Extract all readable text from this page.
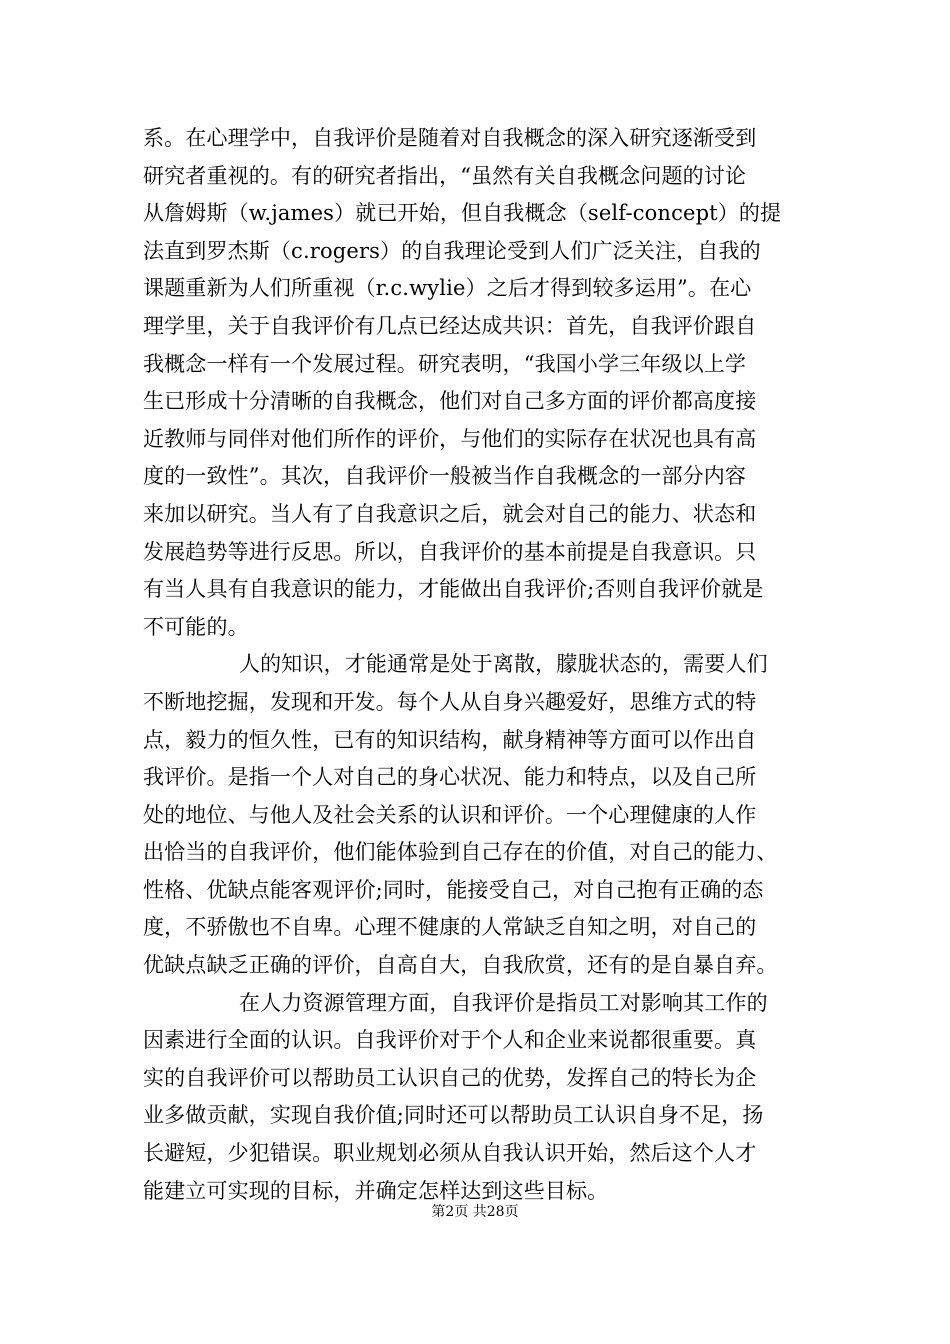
系。在心理学中，自我评价是随着对自我概念的深入研究逐渐受到
研究者重视的。有的研究者指出，“虽然有关自我概念问题的讨论
从詹姆斯（w.james）就已开始，但自我概念（self-concept）的提
法直到罗杰斯（c.rogers）的自我理论受到人们广泛关注，自我的
课题重新为人们所重视（r.c.wylie）之后才得到较多运用”。在心
理学里，关于自我评价有几点已经达成共识：首先，自我评价跟自
我概念一样有一个发展过程。研究表明，“我国小学三年级以上学
生已形成十分清晰的自我概念，他们对自己多方面的评价都高度接
近教师与同伴对他们所作的评价，与他们的实际存在状况也具有高
度的一致性”。其次，自我评价一般被当作自我概念的一部分内容
来加以研究。当人有了自我意识之后，就会对自己的能力、状态和
发展趋势等进行反思。所以，自我评价的基本前提是自我意识。只
有当人具有自我意识的能力，才能做出自我评价;否则自我评价就是
不可能的。
人的知识，才能通常是处于离散，朦胧状态的，需要人们
不断地挖掘，发现和开发。每个人从自身兴趣爱好，思维方式的特
点，毅力的恒久性，已有的知识结构，献身精神等方面可以作出自
我评价。是指一个人对自己的身心状况、能力和特点，以及自己所
处的地位、与他人及社会关系的认识和评价。一个心理健康的人作
出恰当的自我评价，他们能体验到自己存在的价值，对自己的能力、
性格、优缺点能客观评价;同时，能接受自己，对自己抱有正确的态
度，不骄傲也不自卑。心理不健康的人常缺乏自知之明，对自己的
优缺点缺乏正确的评价，自高自大，自我欣赏，还有的是自暴自弃。
在人力资源管理方面，自我评价是指员工对影响其工作的
因素进行全面的认识。自我评价对于个人和企业来说都很重要。真
实的自我评价可以帮助员工认识自己的优势，发挥自己的特长为企
业多做贡献，实现自我价值;同时还可以帮助员工认识自身不足，扬
长避短，少犯错误。职业规划必须从自我认识开始，然后这个人才
能建立可实现的目标，并确定怎样达到这些目标。
第2页 共28页
